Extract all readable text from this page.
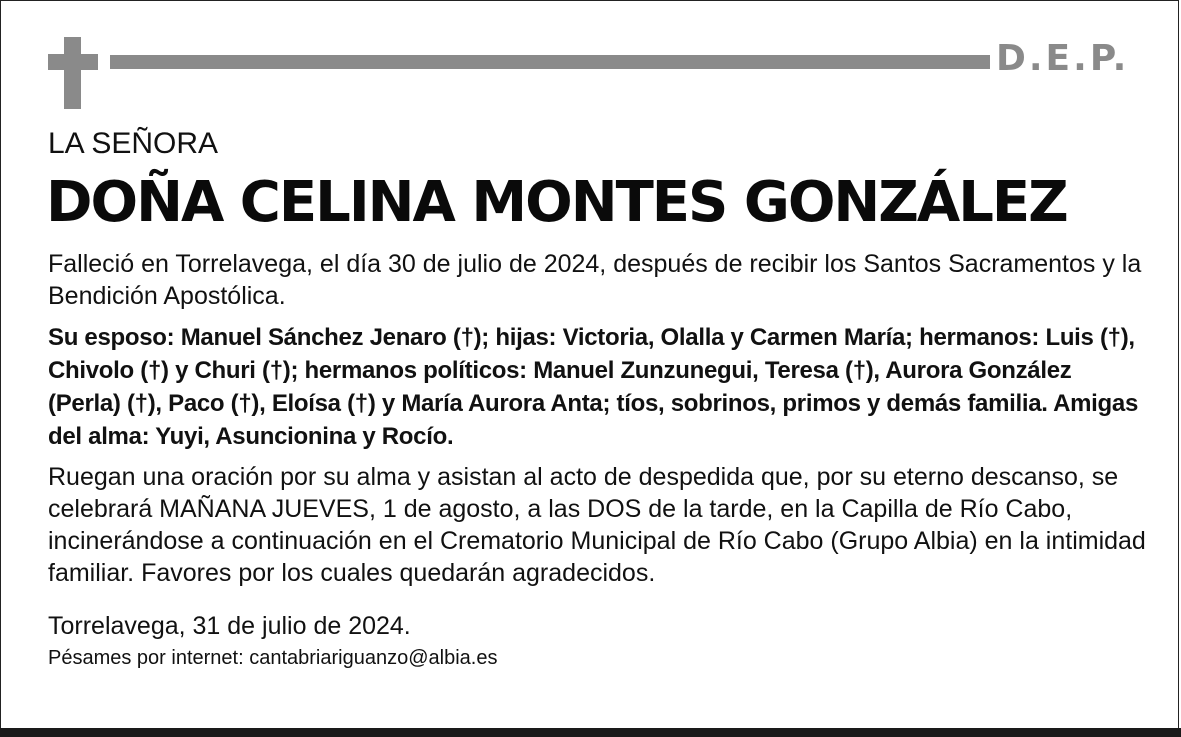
D.E.P.

LA SEÑORA

DOÑA CELINA MONTES GONZÁLEZ

Falleció en Torrelavega, el día 30 de julio de 2024, después de recibir los Santos Sacramentos y la Bendición Apostólica.

Su esposo: Manuel Sánchez Jenaro (†); hijas: Victoria, Olalla y Carmen María; hermanos: Luis (†), Chivolo (†) y Churi (†); hermanos políticos: Manuel Zunzunegui, Teresa (†), Aurora González (Perla) (†), Paco (†), Eloísa (†) y María Aurora Anta; tíos, sobrinos, primos y demás familia. Amigas del alma: Yuyi, Asuncionina y Rocío.

Ruegan una oración por su alma y asistan al acto de despedida que, por su eterno descanso, se celebrará MAÑANA JUEVES, 1 de agosto, a las DOS de la tarde, en la Capilla de Río Cabo, incinerándose a continuación en el Crematorio Municipal de Río Cabo (Grupo Albia) en la intimidad familiar. Favores por los cuales quedarán agradecidos.

Torrelavega, 31 de julio de 2024.

Pésames por internet: cantabriariguanzo@albia.es
